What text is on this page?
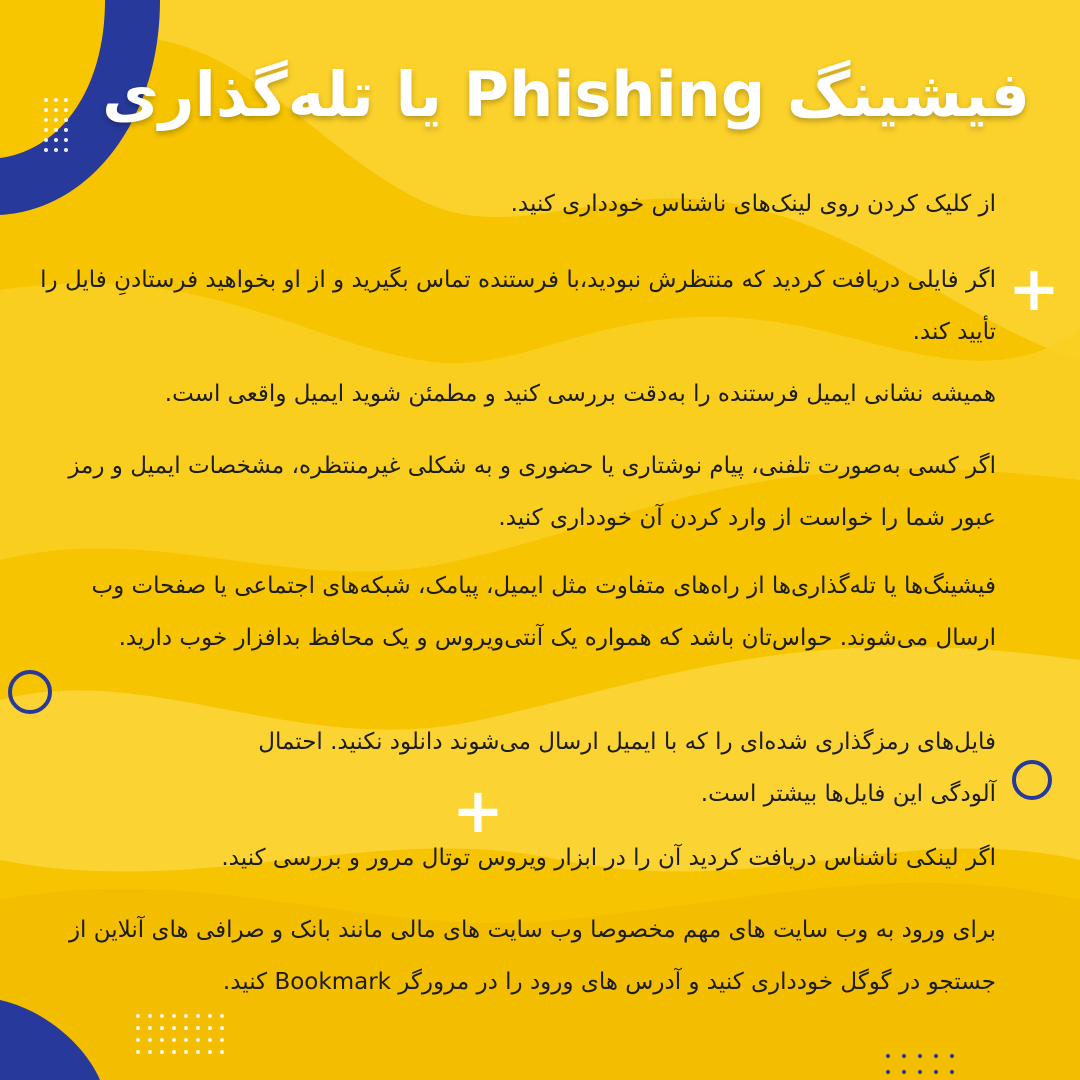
فیشینگ Phishing یا تله‌گذاری
+
+
از کلیک کردن روی لینک‌های ناشناس خودداری کنید.
اگر فایلی دریافت کردید که منتظرش نبودید،با فرستنده تماس بگیرید و از او بخواهید فرستادنِ فایل را تأیید کند.
همیشه نشانی ایمیل فرستنده را به‌دقت بررسی کنید و مطمئن شوید ایمیل واقعی است.
اگر کسی به‌صورت تلفنی، پیام نوشتاری یا حضوری و به شکلی غیرمنتظره، مشخصات ایمیل و رمز عبور شما را خواست از وارد کردن آن خودداری کنید.
فیشینگ‌ها یا تله‌گذاری‌ها از راه‌های متفاوت مثل ایمیل، پیامک، شبکه‌های اجتماعی یا صفحات وب ارسال می‌شوند. حواس‌تان باشد که همواره یک آنتی‌ویروس و یک محافظ بدافزار خوب دارید.
فایل‌های رمزگذاری شده‌ای را که با ایمیل ارسال می‌شوند دانلود نکنید. احتمال آلودگی این فایل‌ها بیشتر است.
اگر لینکی ناشناس دریافت کردید آن را در ابزار ویروس توتال مرور و بررسی کنید.
برای ورود به وب سایت های مهم مخصوصا وب سایت های مالی مانند بانک و صرافی های آنلاین از جستجو در گوگل خودداری کنید و آدرس های ورود را در مرورگر Bookmark کنید.
